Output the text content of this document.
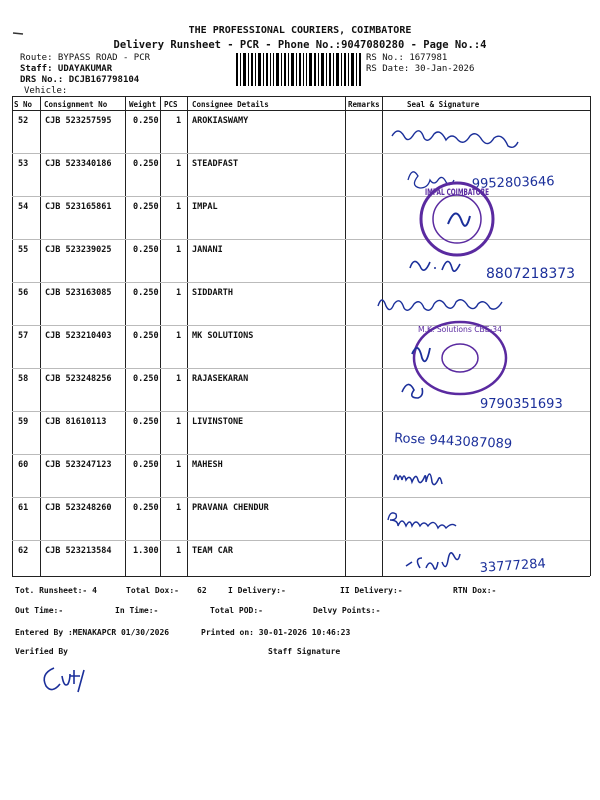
THE PROFESSIONAL COURIERS, COIMBATORE
Delivery Runsheet - PCR - Phone No.:9047080280 - Page No.:4
Route: BYPASS ROAD - PCR
Staff: UDAYAKUMAR
DRS No.: DCJB167798104
Vehicle:
RS No.: 1677981
RS Date: 30-Jan-2026
S No Consignment No	Weight PCS Consignee Details	Remarks	Seal & Signature
52 CJB 523257595	0.250 1 AROKIASWAMY
53 CJB 523340186	0.250 1 STEADFAST
54 CJB 523165861	0.250 1 IMPAL
55 CJB 523239025	0.250 1 JANANI
56 CJB 523163085	0.250 1 SIDDARTH
57 CJB 523210403	0.250 1 MK SOLUTIONS
58 CJB 523248256	0.250 1 RAJASEKARAN
59 CJB 81610113	0.250 1 LIVINSTONE
60 CJB 523247123	0.250 1 MAHESH
61 CJB 523248260	0.250 1 PRAVANA CHENDUR
62 CJB 523213584	1.300 1 TEAM CAR
9952803646
IMPAL COIMBATORE
8807218373
M.K. Solutions CBE-34
9790351693
Rose 9443087089
33777284
Tot. Runsheet:- 4	Total Dox:- 62	I Delivery:-	II Delivery:-	RTN Dox:-
Out Time:-	In Time:-	Total POD:-	Delvy Points:-
Entered By :MENAKAPCR 01/30/2026	Printed on: 30-01-2026 10:46:23
Verified By	Staff Signature
